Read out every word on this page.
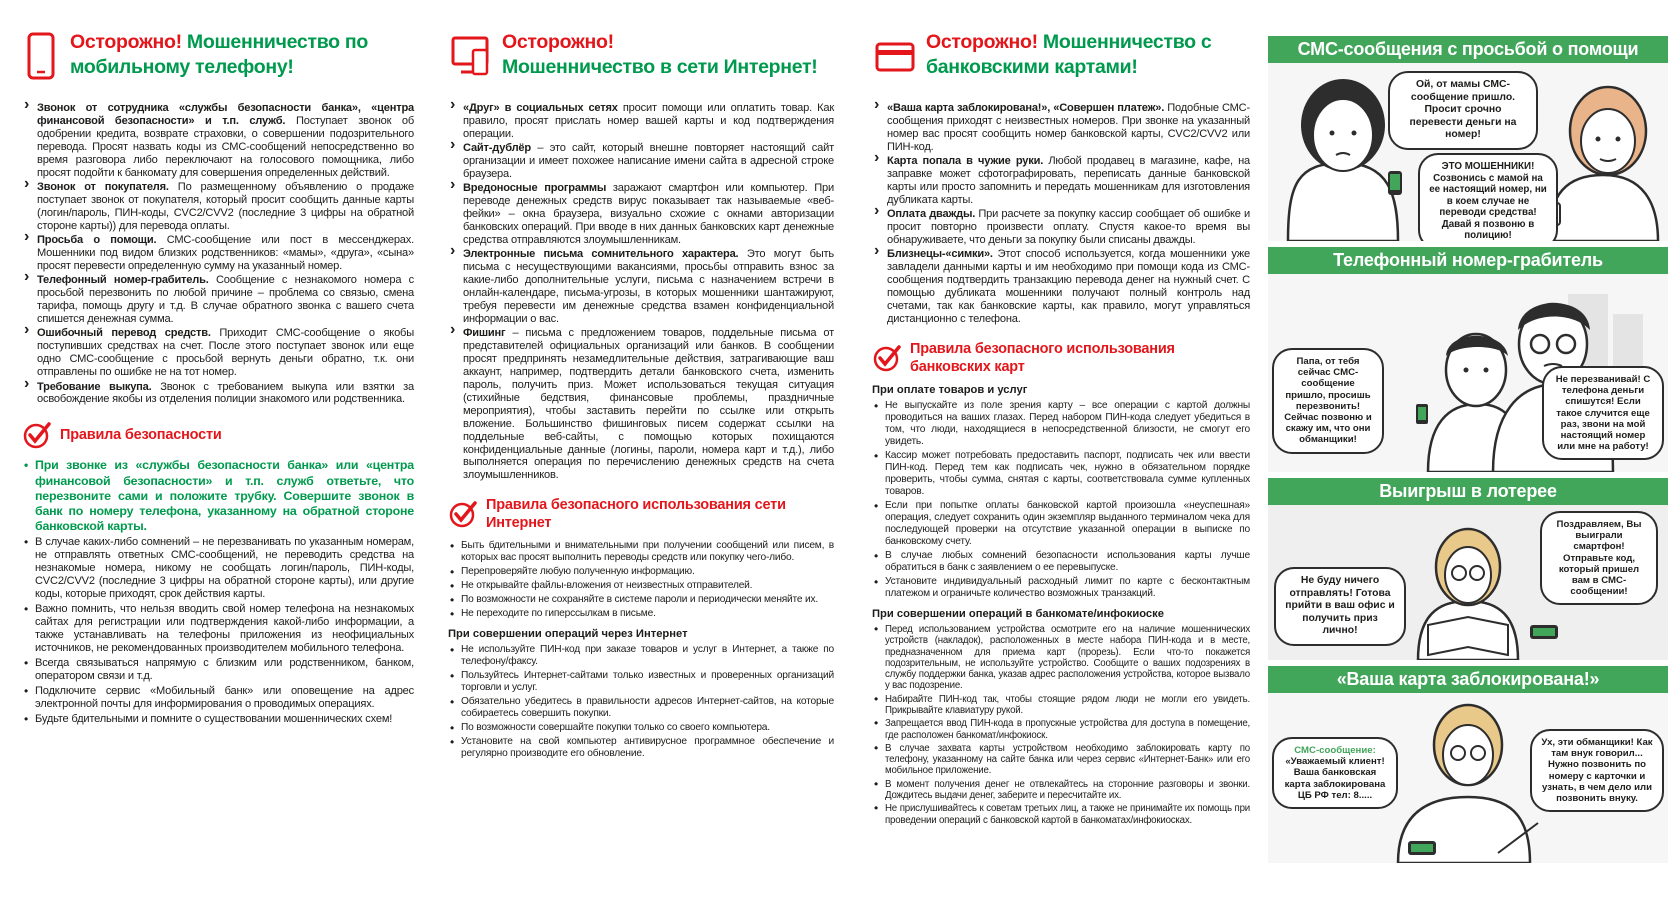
Осторожно! Мошенничество по мобильному телефону!
› Звонок от сотрудника «службы безопасности банка», «центра финансовой безопасности» и т.п. служб. Поступает звонок об одобрении кредита, возврате страховки, о совершении подозрительного перевода. Просят назвать коды из СМС-сообщений непосредственно во время разговора либо переключают на голосового помощника, либо просят подойти к банкомату для совершения определенных действий.
› Звонок от покупателя. По размещенному объявлению о продаже поступает звонок от покупателя, который просит сообщить данные карты (логин/пароль, ПИН-коды, CVC2/CVV2 (последние 3 цифры на обратной стороне карты)) для перевода оплаты.
› Просьба о помощи. СМС-сообщение или пост в мессенджерах. Мошенники под видом близких родственников: «мамы», «друга», «сына» просят перевести определенную сумму на указанный номер.
› Телефонный номер-грабитель. Сообщение с незнакомого номера с просьбой перезвонить по любой причине – проблема со связью, смена тарифа, помощь другу и т.д. В случае обратного звонка с вашего счета спишется денежная сумма.
› Ошибочный перевод средств. Приходит СМС-сообщение о якобы поступивших средствах на счет. После этого поступает звонок или еще одно СМС-сообщение с просьбой вернуть деньги обратно, т.к. они отправлены по ошибке не на тот номер.
› Требование выкупа. Звонок с требованием выкупа или взятки за освобождение якобы из отделения полиции знакомого или родственника.
Правила безопасности
• При звонке из «службы безопасности банка» или «центра финансовой безопасности» и т.п. служб ответьте, что перезвоните сами и положите трубку. Совершите звонок в банк по номеру телефона, указанному на обратной стороне банковской карты.
• В случае каких-либо сомнений – не перезванивать по указанным номерам, не отправлять ответных СМС-сообщений, не переводить средства на незнакомые номера, никому не сообщать логин/пароль, ПИН-коды, CVC2/CVV2 (последние 3 цифры на обратной стороне карты), или другие коды, которые приходят, срок действия карты.
• Важно помнить, что нельзя вводить свой номер телефона на незнакомых сайтах для регистрации или подтверждения какой-либо информации, а также устанавливать на телефоны приложения из неофициальных источников, не рекомендованных производителем мобильного телефона.
• Всегда связываться напрямую с близким или родственником, банком, оператором связи и т.д.
• Подключите сервис «Мобильный банк» или оповещение на адрес электронной почты для информирования о проводимых операциях.
• Будьте бдительными и помните о существовании мошеннических схем!
Осторожно!
Мошенничество в сети Интернет!
› «Друг» в социальных сетях просит помощи или оплатить товар. Как правило, просят прислать номер вашей карты и код подтверждения операции.
› Сайт-дублёр – это сайт, который внешне повторяет настоящий сайт организации и имеет похожее написание имени сайта в адресной строке браузера.
› Вредоносные программы заражают смартфон или компьютер. При переводе денежных средств вирус показывает так называемые «веб-фейки» – окна браузера, визуально схожие с окнами авторизации банковских операций. При вводе в них данных банковских карт денежные средства отправляются злоумышленникам.
› Электронные письма сомнительного характера. Это могут быть письма с несуществующими вакансиями, просьбы отправить взнос за какие-либо дополнительные услуги, письма с назначением встречи в онлайн-календаре, письма-угрозы, в которых мошенники шантажируют, требуя перевести им денежные средства взамен конфиденциальной информации о вас.
› Фишинг – письма с предложением товаров, поддельные письма от представителей официальных организаций или банков. В сообщении просят предпринять незамедлительные действия, затрагивающие ваш аккаунт, например, подтвердить детали банковского счета, изменить пароль, получить приз. Может использоваться текущая ситуация (стихийные бедствия, финансовые проблемы, праздничные мероприятия), чтобы заставить перейти по ссылке или открыть вложение. Большинство фишинговых писем содержат ссылки на поддельные веб-сайты, с помощью которых похищаются конфиденциальные данные (логины, пароли, номера карт и т.д.), либо выполняется операция по перечислению денежных средств на счета злоумышленников.
Правила безопасного использования сети Интернет
• Быть бдительными и внимательными при получении сообщений или писем, в которых вас просят выполнить переводы средств или покупку чего-либо.
• Перепроверяйте любую полученную информацию.
• Не открывайте файлы-вложения от неизвестных отправителей.
• По возможности не сохраняйте в системе пароли и периодически меняйте их.
• Не переходите по гиперссылкам в письме.
При совершении операций через Интернет
• Не используйте ПИН-код при заказе товаров и услуг в Интернет, а также по телефону/факсу.
• Пользуйтесь Интернет-сайтами только известных и проверенных организаций торговли и услуг.
• Обязательно убедитесь в правильности адресов Интернет-сайтов, на которые собираетесь совершить покупки.
• По возможности совершайте покупки только со своего компьютера.
• Установите на свой компьютер антивирусное программное обеспечение и регулярно производите его обновление.
Осторожно! Мошенничество с банковскими картами!
› «Ваша карта заблокирована!», «Совершен платеж». Подобные СМС-сообщения приходят с неизвестных номеров. При звонке на указанный номер вас просят сообщить номер банковской карты, CVC2/CVV2 или ПИН-код.
› Карта попала в чужие руки. Любой продавец в магазине, кафе, на заправке может сфотографировать, переписать данные банковской карты или просто запомнить и передать мошенникам для изготовления дубликата карты.
› Оплата дважды. При расчете за покупку кассир сообщает об ошибке и просит повторно произвести оплату. Спустя какое-то время вы обнаруживаете, что деньги за покупку были списаны дважды.
› Близнецы-«симки». Этот способ используется, когда мошенники уже завладели данными карты и им необходимо при помощи кода из СМС-сообщения подтвердить транзакцию перевода денег на нужный счет. С помощью дубликата мошенники получают полный контроль над счетами, так как банковские карты, как правило, могут управляться дистанционно с телефона.
Правила безопасного использования банковских карт
При оплате товаров и услуг
• Не выпускайте из поле зрения карту – все операции с картой должны проводиться на ваших глазах. Перед набором ПИН-кода следует убедиться в том, что люди, находящиеся в непосредственной близости, не смогут его увидеть.
• Кассир может потребовать предоставить паспорт, подписать чек или ввести ПИН-код. Перед тем как подписать чек, нужно в обязательном порядке проверить, чтобы сумма, снятая с карты, соответствовала сумме купленных товаров.
• Если при попытке оплаты банковской картой произошла «неуспешная» операция, следует сохранить один экземпляр выданного терминалом чека для последующей проверки на отсутствие указанной операции в выписке по банковскому счету.
• В случае любых сомнений безопасности использования карты лучше обратиться в банк с заявлением о ее перевыпуске.
• Установите индивидуальный расходный лимит по карте с бесконтактным платежом и ограничьте количество возможных транзакций.
При совершении операций в банкомате/инфокиоске
• Перед использованием устройства осмотрите его на наличие мошеннических устройств (накладок), расположенных в месте набора ПИН-кода и в месте, предназначенном для приема карт (прорезь). Если что-то покажется подозрительным, не используйте устройство. Сообщите о ваших подозрениях в службу поддержки банка, указав адрес расположения устройства, которое вызвало у вас подозрение.
• Набирайте ПИН-код так, чтобы стоящие рядом люди не могли его увидеть. Прикрывайте клавиатуру рукой.
• Запрещается ввод ПИН-кода в пропускные устройства для доступа в помещение, где расположен банкомат/инфокиоск.
• В случае захвата карты устройством необходимо заблокировать карту по телефону, указанному на сайте банка или через сервис «Интернет-Банк» или его мобильное приложение.
• В момент получения денег не отвлекайтесь на сторонние разговоры и звонки. Дождитесь выдачи денег, заберите и пересчитайте их.
• Не прислушивайтесь к советам третьих лиц, а также не принимайте их помощь при проведении операций с банковской картой в банкоматах/инфокиосках.
СМС-сообщения с просьбой о помощи
Ой, от мамы СМС-сообщение пришло. Просит срочно перевести деньги на номер!
ЭТО МОШЕННИКИ! Созвонись с мамой на ее настоящий номер, ни в коем случае не переводи средства! Давай я позвоню в полицию!
Телефонный номер-грабитель
Папа, от тебя сейчас СМС-сообщение пришло, просишь перезвонить! Сейчас позвоню и скажу им, что они обманщики!
Не перезванивай! С телефона деньги спишутся! Если такое случится еще раз, звони на мой настоящий номер или мне на работу!
Выигрыш в лотерее
Поздравляем, Вы выиграли смартфон! Отправьте код, который пришел вам в СМС-сообщении!
Не буду ничего отправлять! Готова прийти в ваш офис и получить приз лично!
«Ваша карта заблокирована!»
СМС-сообщение:
«Уважаемый клиент! Ваша банковская карта заблокирована ЦБ РФ тел: 8.....
Ух, эти обманщики! Как там внук говорил... Нужно позвонить по номеру с карточки и узнать, в чем дело или позвонить внуку.
